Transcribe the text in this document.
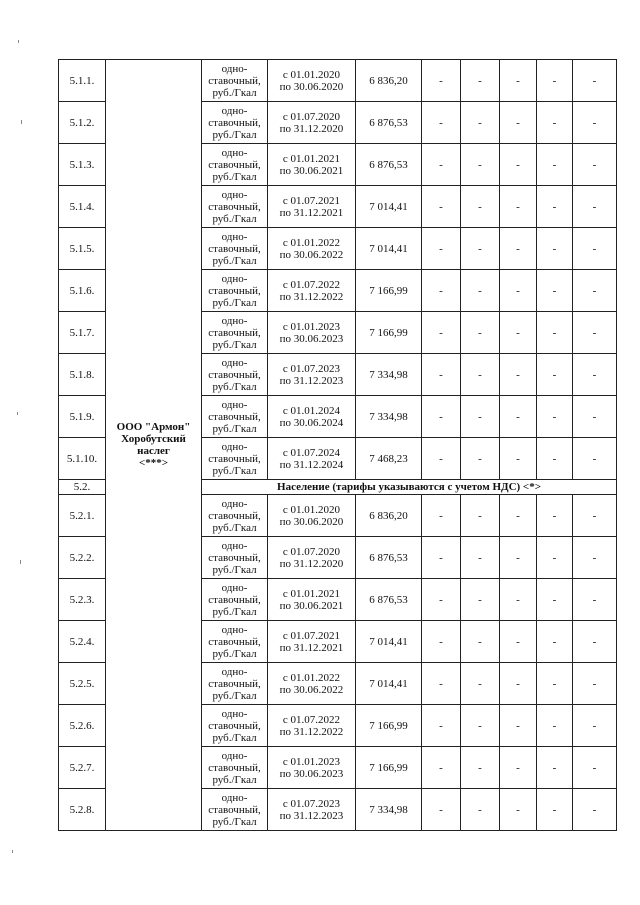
5.1.1.	ООО "Армон"
Хоробутский наслег
<***>	одно-
ставочный,
руб./Гкал	с 01.01.2020
по 30.06.2020	6 836,20	-	-	-	-	-
5.1.2.		одно-
ставочный,
руб./Гкал	с 01.07.2020
по 31.12.2020	6 876,53	-	-	-	-	-
5.1.3.		одно-
ставочный,
руб./Гкал	с 01.01.2021
по 30.06.2021	6 876,53	-	-	-	-	-
5.1.4.		одно-
ставочный,
руб./Гкал	с 01.07.2021
по 31.12.2021	7 014,41	-	-	-	-	-
5.1.5.		одно-
ставочный,
руб./Гкал	с 01.01.2022
по 30.06.2022	7 014,41	-	-	-	-	-
5.1.6.		одно-
ставочный,
руб./Гкал	с 01.07.2022
по 31.12.2022	7 166,99	-	-	-	-	-
5.1.7.		одно-
ставочный,
руб./Гкал	с 01.01.2023
по 30.06.2023	7 166,99	-	-	-	-	-
5.1.8.		одно-
ставочный,
руб./Гкал	с 01.07.2023
по 31.12.2023	7 334,98	-	-	-	-	-
5.1.9.		одно-
ставочный,
руб./Гкал	с 01.01.2024
по 30.06.2024	7 334,98	-	-	-	-	-
5.1.10.		одно-
ставочный,
руб./Гкал	с 01.07.2024
по 31.12.2024	7 468,23	-	-	-	-	-
5.2.		Население (тарифы указываются с учетом НДС) <*>							
5.2.1.		одно-
ставочный,
руб./Гкал	с 01.01.2020
по 30.06.2020	6 836,20	-	-	-	-	-
5.2.2.		одно-
ставочный,
руб./Гкал	с 01.07.2020
по 31.12.2020	6 876,53	-	-	-	-	-
5.2.3.		одно-
ставочный,
руб./Гкал	с 01.01.2021
по 30.06.2021	6 876,53	-	-	-	-	-
5.2.4.		одно-
ставочный,
руб./Гкал	с 01.07.2021
по 31.12.2021	7 014,41	-	-	-	-	-
5.2.5.		одно-
ставочный,
руб./Гкал	с 01.01.2022
по 30.06.2022	7 014,41	-	-	-	-	-
5.2.6.		одно-
ставочный,
руб./Гкал	с 01.07.2022
по 31.12.2022	7 166,99	-	-	-	-	-
5.2.7.		одно-
ставочный,
руб./Гкал	с 01.01.2023
по 30.06.2023	7 166,99	-	-	-	-	-
5.2.8.		одно-
ставочный,
руб./Гкал	с 01.07.2023
по 31.12.2023	7 334,98	-	-	-	-	-
